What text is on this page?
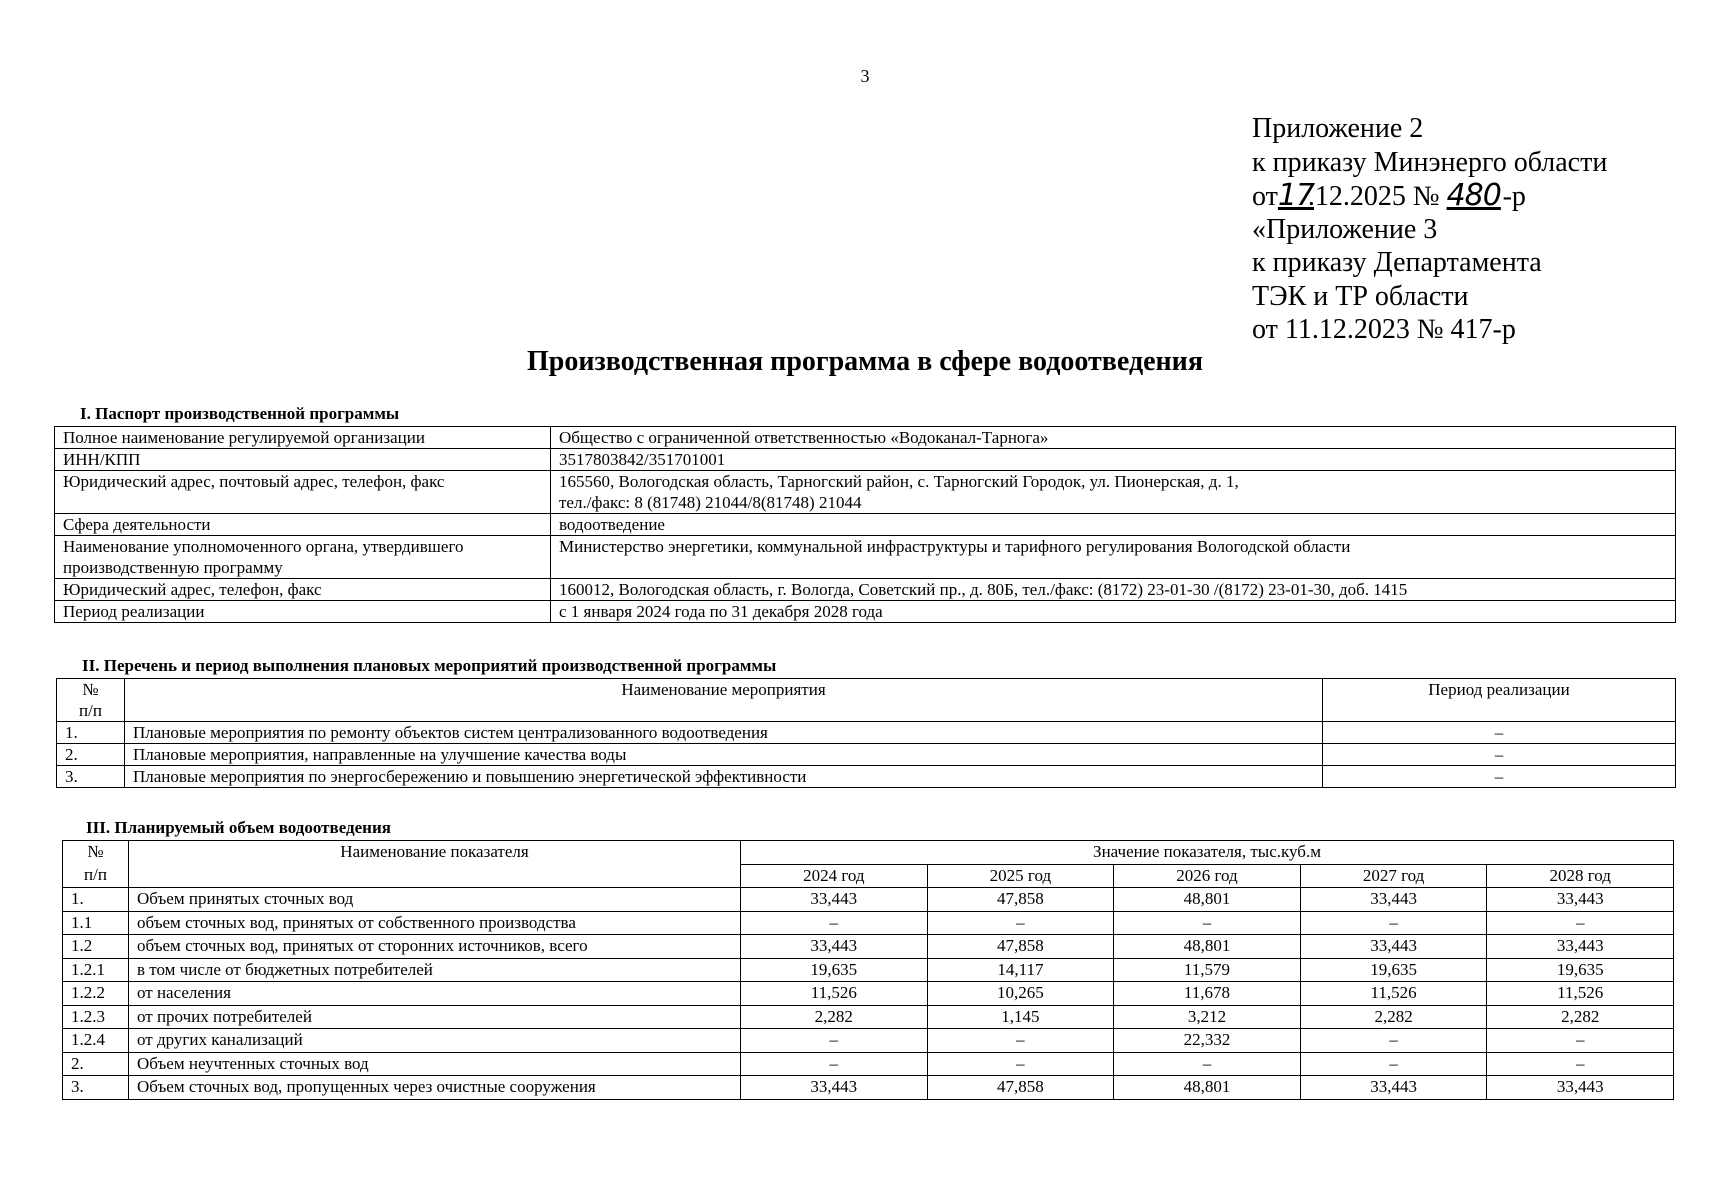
3
Приложение 2
к приказу Минэнерго области
от17.12.2025 № 480-р
«Приложение 3
к приказу Департамента
ТЭК и ТР области
от 11.12.2023 № 417-р
Производственная программа в сфере водоотведения
I. Паспорт производственной программы
Полное наименование регулируемой организации	Общество с ограниченной ответственностью «Водоканал-Тарнога»
ИНН/КПП	3517803842/351701001
Юридический адрес, почтовый адрес, телефон, факс	165560, Вологодская область, Тарногский район, с. Тарногский Городок, ул. Пионерская, д. 1,
тел./факс: 8 (81748) 21044/8(81748) 21044

Сфера деятельности	водоотведение

Наименование уполномоченного органа, утвердившего
производственную программу	Министерство энергетики, коммунальной инфраструктуры и тарифного регулирования Вологодской области
Юридический адрес, телефон, факс	160012, Вологодская область, г. Вологда, Советский пр., д. 80Б, тел./факс: (8172) 23-01-30 /(8172) 23-01-30, доб. 1415
Период реализации	с 1 января 2024 года по 31 декабря 2028 года
II. Перечень и период выполнения плановых мероприятий производственной программы
№
п/п	Наименование мероприятия	Период реализации
1.	Плановые мероприятия по ремонту объектов систем централизованного водоотведения	–
2.	Плановые мероприятия, направленные на улучшение качества воды	–
3.	Плановые мероприятия по энергосбережению и повышению энергетической эффективности	–
III. Планируемый объем водоотведения
№
п/п	Наименование показателя	Значение показателя, тыс.куб.м				
		2024 год	2025 год	2026 год	2027 год	2028 год
1.	Объем принятых сточных вод	33,443	47,858	48,801	33,443	33,443
1.1	объем сточных вод, принятых от собственного производства	–	–	–	–	–
1.2	объем сточных вод, принятых от сторонних источников, всего	33,443	47,858	48,801	33,443	33,443
1.2.1	в том числе от бюджетных потребителей	19,635	14,117	11,579	19,635	19,635
1.2.2	от населения	11,526	10,265	11,678	11,526	11,526
1.2.3	от прочих потребителей	2,282	1,145	3,212	2,282	2,282
1.2.4	от других канализаций	–	–	22,332	–	–
2.	Объем неучтенных сточных вод	–	–	–	–	–
3.	Объем сточных вод, пропущенных через очистные сооружения	33,443	47,858	48,801	33,443	33,443
